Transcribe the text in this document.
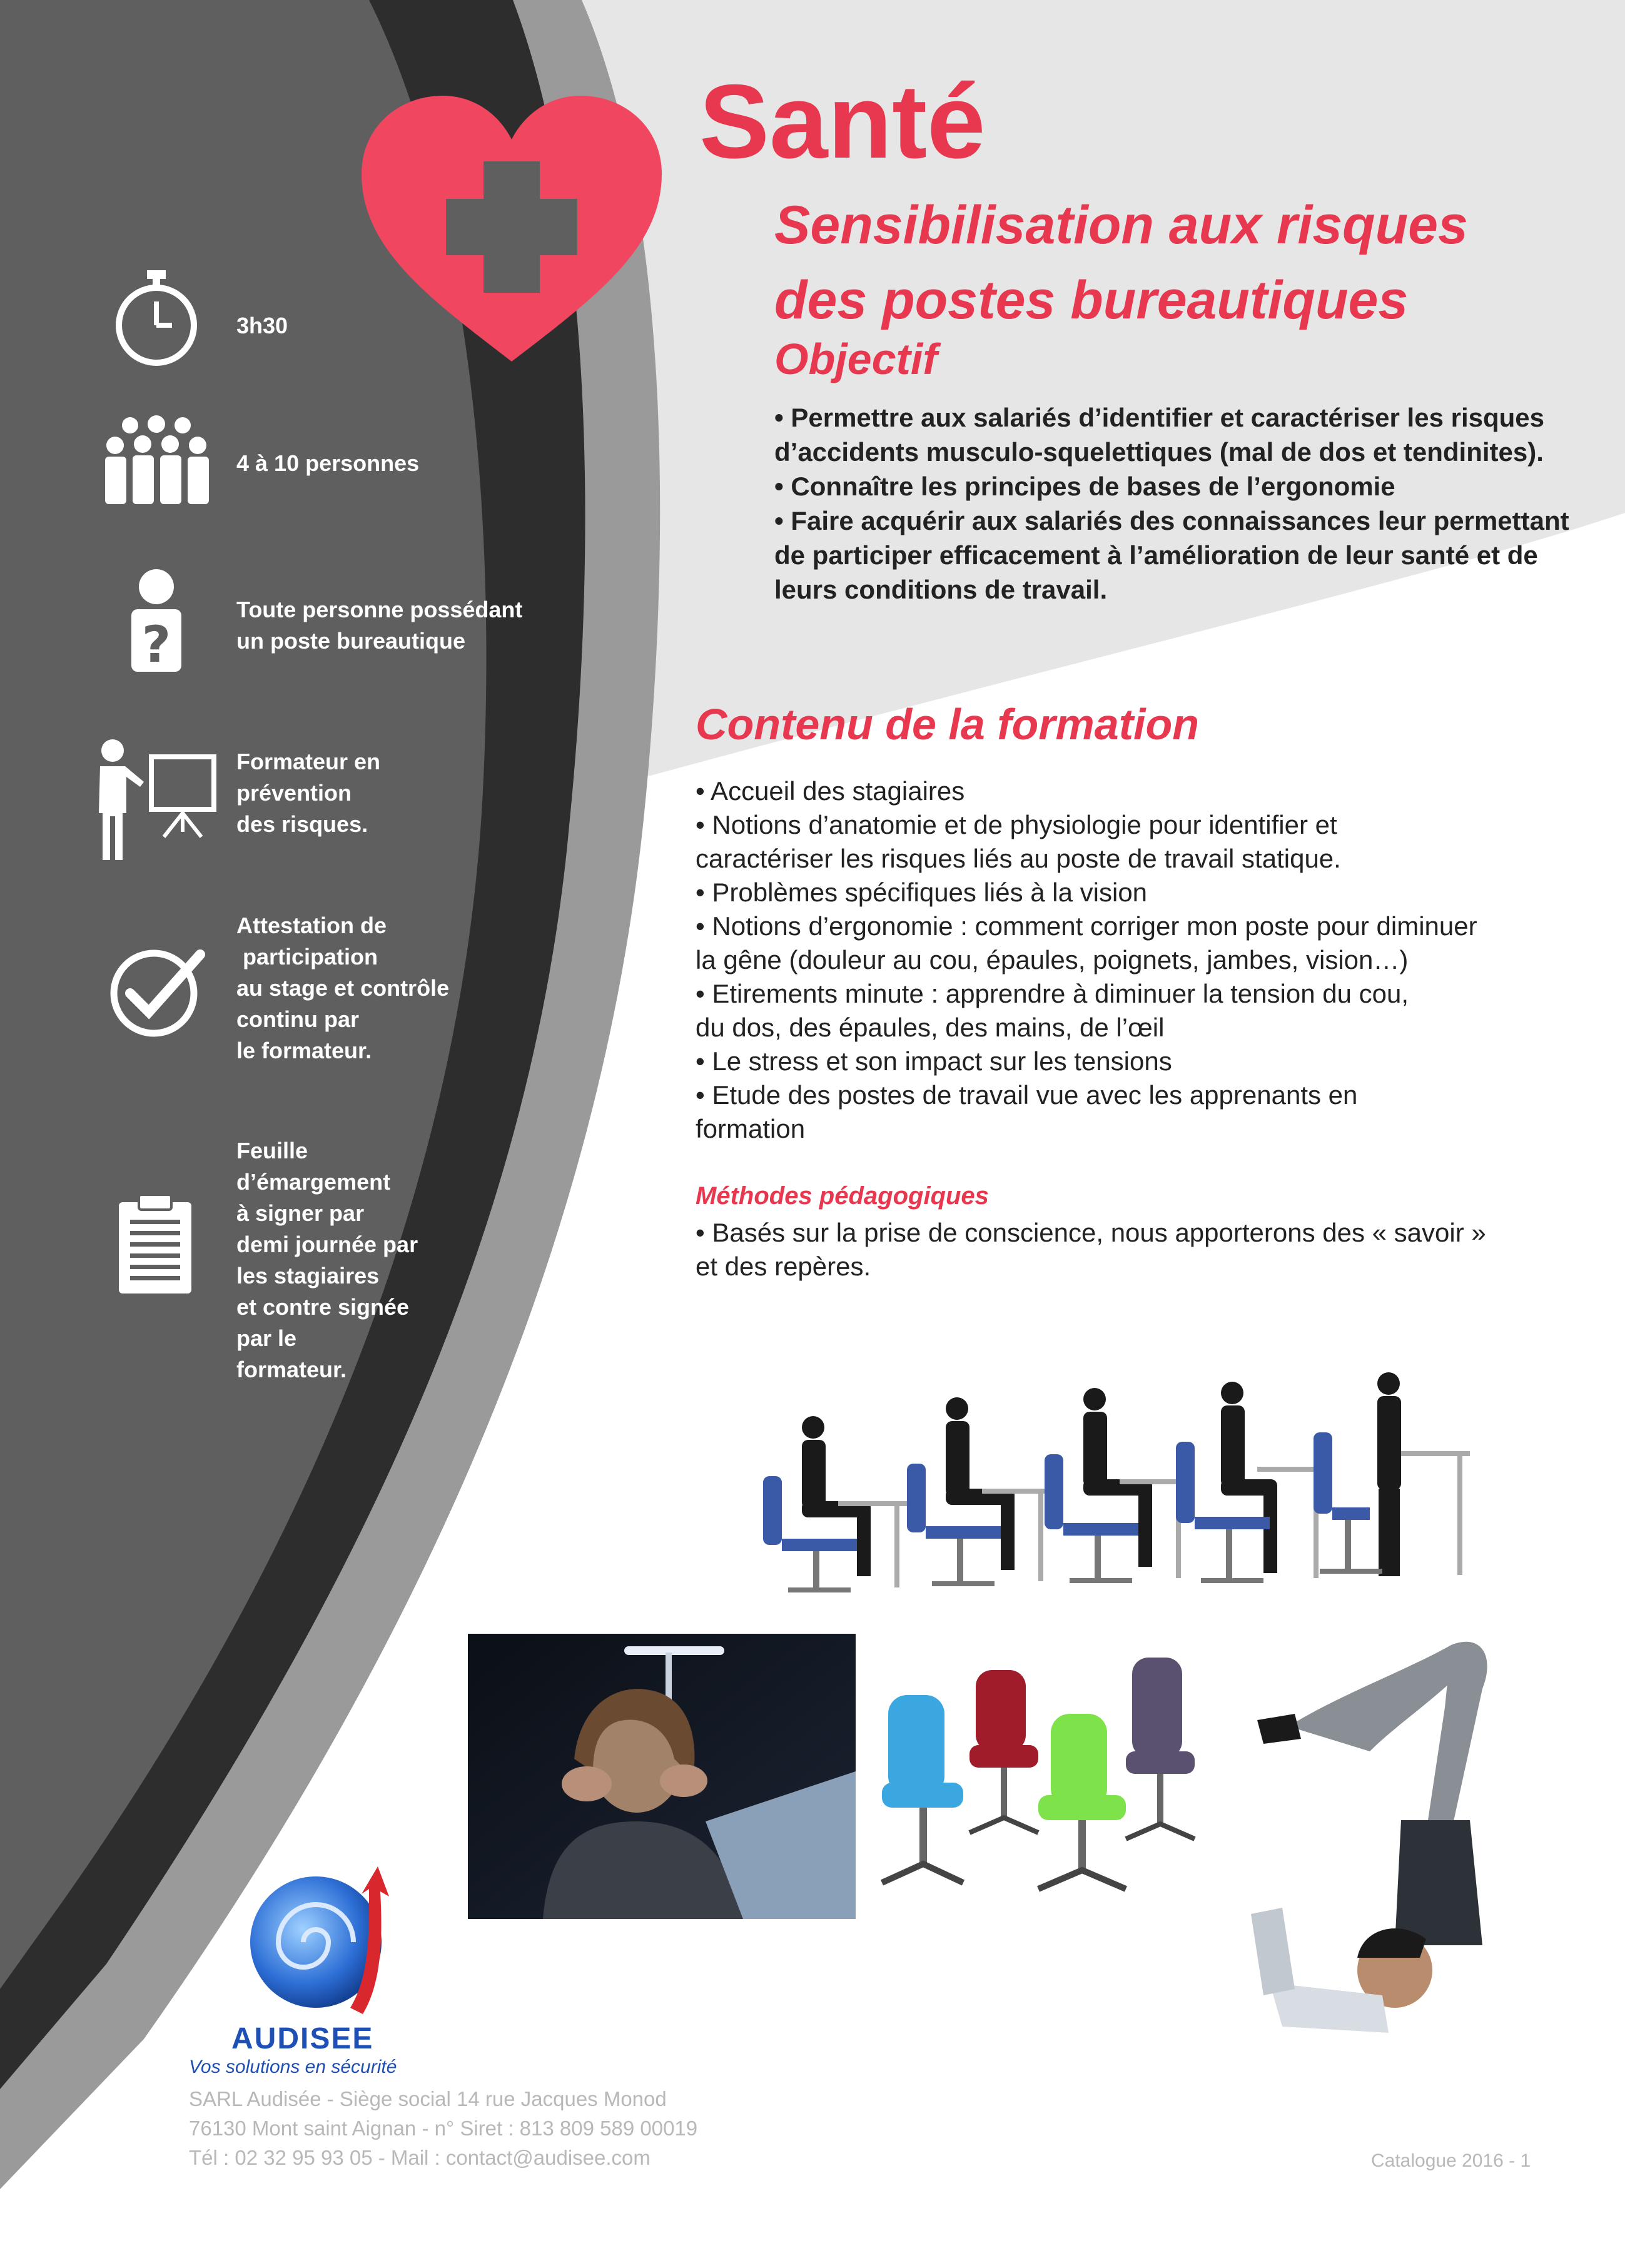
Santé
Sensibilisation aux risques
des postes bureautiques
Objectif
• Permettre aux salariés d’identifier et caractériser les risques
d’accidents musculo-squelettiques (mal de dos et tendinites).
• Connaître les principes de bases de l’ergonomie
• Faire acquérir aux salariés des connaissances leur permettant
de participer efficacement à l’amélioration de leur santé et de
leurs conditions de travail.
Contenu de la formation
• Accueil des stagiaires
• Notions d’anatomie et de physiologie pour identifier et
caractériser les risques liés au poste de travail statique.
• Problèmes spécifiques liés à la vision
• Notions d’ergonomie : comment corriger mon poste pour diminuer
la gêne (douleur au cou, épaules, poignets, jambes, vision…)
• Etirements minute : apprendre à diminuer la tension du cou,
du dos, des épaules, des mains, de l’œil
• Le stress et son impact sur les tensions
• Etude des postes de travail vue avec les apprenants en
formation
Méthodes pédagogiques
• Basés sur la prise de conscience, nous apporterons des « savoir »
et des repères.
3h30
4 à 10 personnes
?
Toute personne possédant
un poste bureautique
Formateur en
prévention
des risques.
Attestation de
participation
au stage et contrôle
continu par
le formateur.
Feuille
d’émargement
à signer par
demi journée par
les stagiaires
et contre signée
par le
formateur.
AUDISEE
Vos solutions en sécurité
SARL Audisée - Siège social 14 rue Jacques Monod
76130 Mont saint Aignan - n° Siret : 813 809 589 00019
Tél : 02 32 95 93 05 - Mail : contact@audisee.com	Catalogue 2016 - 1
